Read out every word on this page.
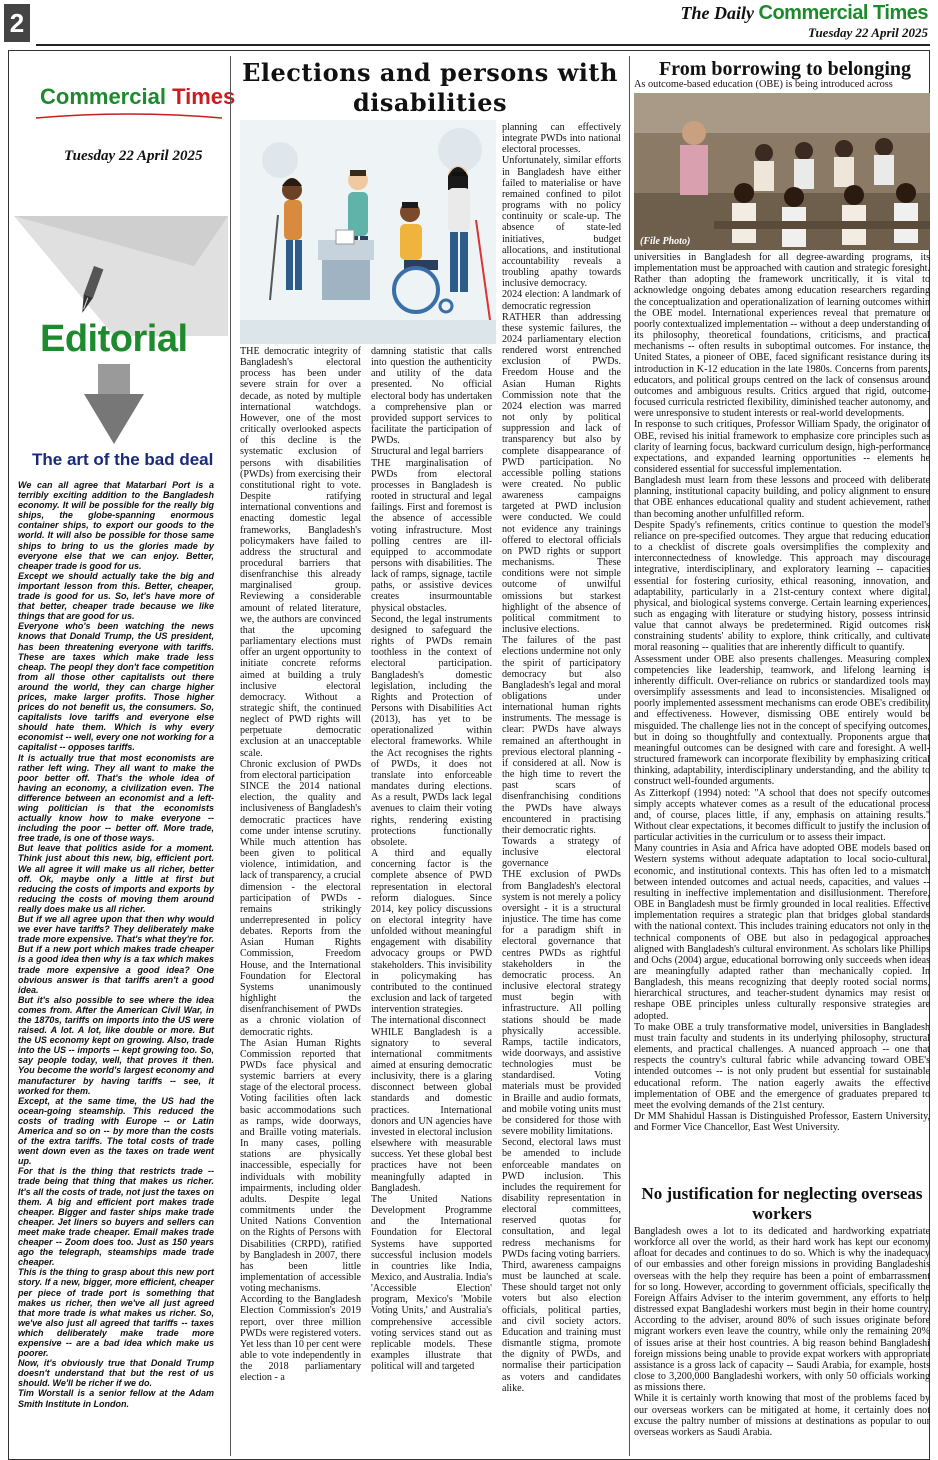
2	The Daily Commercial Times
Tuesday 22 April 2025
Commercial Times
Tuesday 22 April 2025
Editorial
The art of the bad deal

We can all agree that Matarbari Port is a terribly exciting addition to the Bangladesh economy. It will be possible for the really big ships, the globe-spanning enormous container ships, to export our goods to the world. It will also be possible for those same ships to bring to us the glories made by everyone else that we can enjoy. Better, cheaper trade is good for us.

Except we should actually take the big and important lesson from this. Better, cheaper, trade is good for us. So, let's have more of that better, cheaper trade because we like things that are good for us.

Everyone who's been watching the news knows that Donald Trump, the US president, has been threatening everyone with tariffs. These are taxes which make trade less cheap. The peopl they don't face competition from all those other capitalists out there around the world, they can charge higher prices, make larger profits. Those higher prices do not benefit us, the consumers. So, capitalists love tariffs and everyone else should hate them. Which is why every economist -- well, every one not working for a capitalist -- opposes tariffs.

It is actually true that most economists are rather left wing. They all want to make the poor better off. That's the whole idea of having an economy, a civilization even. The difference between an economist and a left-wing politician is that the economists actually know how to make everyone -- including the poor -- better off. More trade, free trade, is one of those ways.

But leave that politics aside for a moment. Think just about this new, big, efficient port. We all agree it will make us all richer, better off. Ok, maybe only a little at first but reducing the costs of imports and exports by reducing the costs of moving them around really does make us all richer.

But if we all agree upon that then why would we ever have tariffs? They deliberately make trade more expensive. That's what they're for. But if a new port which makes trade cheaper is a good idea then why is a tax which makes trade more expensive a good idea? One obvious answer is that tariffs aren't a good idea.

But it's also possible to see where the idea comes from. After the American Civil War, in the 1870s, tariffs on imports into the US were raised. A lot. A lot, like double or more. But the US economy kept on growing. Also, trade into the US -- imports -- kept growing too. So, say people today, well, that proves it then. You become the world's largest economy and manufacturer by having tariffs -- see, it worked for them.

Except, at the same time, the US had the ocean-going steamship. This reduced the costs of trading with Europe -- or Latin America and so on -- by more than the costs of the extra tariffs. The total costs of trade went down even as the taxes on trade went up.

For that is the thing that restricts trade -- trade being that thing that makes us richer. It's all the costs of trade, not just the taxes on them. A big and efficient port makes trade cheaper. Bigger and faster ships make trade cheaper. Jet liners so buyers and sellers can meet make trade cheaper. Email makes trade cheaper -- Zoom does too. Just as 150 years ago the telegraph, steamships made trade cheaper.

This is the thing to grasp about this new port story. If a new, bigger, more efficient, cheaper per piece of trade port is something that makes us richer, then we've all just agreed that more trade is what makes us richer. So, we've also just all agreed that tariffs -- taxes which deliberately make trade more expensive -- are a bad idea which make us poorer.

Now, it's obviously true that Donald Trump doesn't understand that but the rest of us should. We'll be richer if we do.

Tim Worstall is a senior fellow at the Adam Smith Institute in London.

Elections and persons with disabilities

THE democratic integrity of Bangladesh's electoral process has been under severe strain for over a decade, as noted by multiple international watchdogs. However, one of the most critically overlooked aspects of this decline is the systematic exclusion of persons with disabilities (PWDs) from exercising their constitutional right to vote. Despite ratifying international conventions and enacting domestic legal frameworks, Bangladesh's policymakers have failed to address the structural and procedural barriers that disenfranchise this already marginalised group. Reviewing a considerable amount of related literature, we, the authors are convinced that the upcoming parliamentary elections must offer an urgent opportunity to initiate concrete reforms aimed at building a truly inclusive electoral democracy. Without a strategic shift, the continued neglect of PWD rights will perpetuate democratic exclusion at an unacceptable scale.

Chronic exclusion of PWDs from electoral participation

SINCE the 2014 national election, the quality and inclusiveness of Bangladesh's democratic practices have come under intense scrutiny. While much attention has been given to political violence, intimidation, and lack of transparency, a crucial dimension - the electoral participation of PWDs - remains strikingly underrepresented in policy debates. Reports from the Asian Human Rights Commission, Freedom House, and the International Foundation for Electoral Systems unanimously highlight the disenfranchisement of PWDs as a chronic violation of democratic rights.

The Asian Human Rights Commission reported that PWDs face physical and systemic barriers at every stage of the electoral process. Voting facilities often lack basic accommodations such as ramps, wide doorways, and Braille voting materials. In many cases, polling stations are physically inaccessible, especially for individuals with mobility impairments, including older adults. Despite legal commitments under the United Nations Convention on the Rights of Persons with Disabilities (CRPD), ratified by Bangladesh in 2007, there has been little implementation of accessible voting mechanisms.

According to the Bangladesh Election Commission's 2019 report, over three million PWDs were registered voters. Yet less than 10 per cent were able to vote independently in the 2018 parliamentary election - a

damning statistic that calls into question the authenticity and utility of the data presented. No official electoral body has undertaken a comprehensive plan or provided support services to facilitate the participation of PWDs.

Structural and legal barriers

THE marginalisation of PWDs from electoral processes in Bangladesh is rooted in structural and legal failings. First and foremost is the absence of accessible voting infrastructure. Most polling centres are ill-equipped to accommodate persons with disabilities. The lack of ramps, signage, tactile paths, or assistive devices creates insurmountable physical obstacles.

Second, the legal instruments designed to safeguard the rights of PWDs remain toothless in the context of electoral participation. Bangladesh's domestic legislation, including the Rights and Protection of Persons with Disabilities Act (2013), has yet to be operationalized within electoral frameworks. While the Act recognises the rights of PWDs, it does not translate into enforceable mandates during elections. As a result, PWDs lack legal avenues to claim their voting rights, rendering existing protections functionally obsolete.

A third and equally concerning factor is the complete absence of PWD representation in electoral reform dialogues. Since 2014, key policy discussions on electoral integrity have unfolded without meaningful engagement with disability advocacy groups or PWD stakeholders. This invisibility in policymaking has contributed to the continued exclusion and lack of targeted intervention strategies.

The international disconnect

WHILE Bangladesh is a signatory to several international commitments aimed at ensuring democratic inclusivity, there is a glaring disconnect between global standards and domestic practices. International donors and UN agencies have invested in electoral inclusion elsewhere with measurable success. Yet these global best practices have not been meaningfully adapted in Bangladesh.

The United Nations Development Programme and the International Foundation for Electoral Systems have supported successful inclusion models in countries like India, Mexico, and Australia. India's 'Accessible Election' program, Mexico's 'Mobile Voting Units,' and Australia's comprehensive accessible voting services stand out as replicable models. These examples illustrate that political will and targeted

planning can effectively integrate PWDs into national electoral processes.

Unfortunately, similar efforts in Bangladesh have either failed to materialise or have remained confined to pilot programs with no policy continuity or scale-up. The absence of state-led initiatives, budget allocations, and institutional accountability reveals a troubling apathy towards inclusive democracy.

2024 election: A landmark of democratic regression

RATHER than addressing these systemic failures, the 2024 parliamentary election rendered worst entrenched exclusion of PWDs. Freedom House and the Asian Human Rights Commission note that the 2024 election was marred not only by political suppression and lack of transparency but also by complete disappearance of PWD participation. No accessible polling stations were created. No public awareness campaigns targeted at PWD inclusion were conducted. We could not evidence any trainings offered to electoral officials on PWD rights or support mechanisms. These conditions were not simple outcome of unwilful omissions but starkest highlight of the absence of political commitment to inclusive elections.

The failures of the past elections undermine not only the spirit of participatory democracy but also Bangladesh's legal and moral obligations under international human rights instruments. The message is clear: PWDs have always remained an afterthought in previous electoral planning - if considered at all. Now is the high time to revert the past scars of disenfranchising conditions the PWDs have always encountered in practising their democratic rights.

Towards a strategy of inclusive electoral governance

THE exclusion of PWDs from Bangladesh's electoral system is not merely a policy oversight - it is a structural injustice. The time has come for a paradigm shift in electoral governance that centres PWDs as rightful stakeholders in the democratic process. An inclusive electoral strategy must begin with infrastructure. All polling stations should be made physically accessible. Ramps, tactile indicators, wide doorways, and assistive technologies must be standardised. Voting materials must be provided in Braille and audio formats, and mobile voting units must be considered for those with severe mobility limitations.

Second, electoral laws must be amended to include enforceable mandates on PWD inclusion. This includes the requirement for disability representation in electoral committees, reserved quotas for consultation, and legal redress mechanisms for PWDs facing voting barriers.

Third, awareness campaigns must be launched at scale. These should target not only voters but also election officials, political parties, and civil society actors. Education and training must dismantle stigma, promote the dignity of PWDs, and normalise their participation as voters and candidates alike.

From borrowing to belonging
As outcome-based education (OBE) is being introduced across
(File Photo)

universities in Bangladesh for all degree-awarding programs, its implementation must be approached with caution and strategic foresight. Rather than adopting the framework uncritically, it is vital to acknowledge ongoing debates among education researchers regarding the conceptualization and operationalization of learning outcomes within the OBE model. International experiences reveal that premature or poorly contextualized implementation -- without a deep understanding of its philosophy, theoretical foundations, criticisms, and practical mechanisms -- often results in suboptimal outcomes. For instance, the United States, a pioneer of OBE, faced significant resistance during its introduction in K-12 education in the late 1980s. Concerns from parents, educators, and political groups centred on the lack of consensus around outcomes and ambiguous results. Critics argued that rigid, outcome-focused curricula restricted flexibility, diminished teacher autonomy, and were unresponsive to student interests or real-world developments.

In response to such critiques, Professor William Spady, the originator of OBE, revised his initial framework to emphasize core principles such as clarity of learning focus, backward curriculum design, high-performance expectations, and expanded learning opportunities -- elements he considered essential for successful implementation.

Bangladesh must learn from these lessons and proceed with deliberate planning, institutional capacity building, and policy alignment to ensure that OBE enhances educational quality and student achievement, rather than becoming another unfulfilled reform.

Despite Spady's refinements, critics continue to question the model's reliance on pre-specified outcomes. They argue that reducing education to a checklist of discrete goals oversimplifies the complexity and interconnectedness of knowledge. This approach may discourage integrative, interdisciplinary, and exploratory learning -- capacities essential for fostering curiosity, ethical reasoning, innovation, and adaptability, particularly in a 21st-century context where digital, physical, and biological systems converge. Certain learning experiences, such as engaging with literature or studying history, possess intrinsic value that cannot always be predetermined. Rigid outcomes risk constraining students' ability to explore, think critically, and cultivate moral reasoning -- qualities that are inherently difficult to quantify.

Assessment under OBE also presents challenges. Measuring complex competencies like leadership, teamwork, and lifelong learning is inherently difficult. Over-reliance on rubrics or standardized tools may oversimplify assessments and lead to inconsistencies. Misaligned or poorly implemented assessment mechanisms can erode OBE's credibility and effectiveness. However, dismissing OBE entirely would be misguided. The challenge lies not in the concept of specifying outcomes, but in doing so thoughtfully and contextually. Proponents argue that meaningful outcomes can be designed with care and foresight. A well-structured framework can incorporate flexibility by emphasizing critical thinking, adaptability, interdisciplinary understanding, and the ability to construct well-founded arguments.

As Zitterkopf (1994) noted: "A school that does not specify outcomes simply accepts whatever comes as a result of the educational process and, of course, places little, if any, emphasis on attaining results." Without clear expectations, it becomes difficult to justify the inclusion of particular activities in the curriculum or to assess their impact.

Many countries in Asia and Africa have adopted OBE models based on Western systems without adequate adaptation to local socio-cultural, economic, and institutional contexts. This has often led to a mismatch between intended outcomes and actual needs, capacities, and values -- resulting in ineffective implementation and disillusionment. Therefore, OBE in Bangladesh must be firmly grounded in local realities. Effective implementation requires a strategic plan that bridges global standards with the national context. This includes training educators not only in the technical components of OBE but also in pedagogical approaches aligned with Bangladesh's cultural environment. As scholars like Phillips and Ochs (2004) argue, educational borrowing only succeeds when ideas are meaningfully adapted rather than mechanically copied. In Bangladesh, this means recognizing that deeply rooted social norms, hierarchical structures, and teacher-student dynamics may resist or reshape OBE principles unless culturally responsive strategies are adopted.

To make OBE a truly transformative model, universities in Bangladesh must train faculty and students in its underlying philosophy, structural elements, and practical challenges. A nuanced approach -- one that respects the country's cultural fabric while advancing toward OBE's intended outcomes -- is not only prudent but essential for sustainable educational reform. The nation eagerly awaits the effective implementation of OBE and the emergence of graduates prepared to meet the evolving demands of the 21st century.

Dr MM Shahidul Hassan is Distinguished Professor, Eastern University, and Former Vice Chancellor, East West University.

No justification for neglecting overseas workers

Bangladesh owes a lot to its dedicated and hardworking expatriate workforce all over the world, as their hard work has kept our economy afloat for decades and continues to do so. Which is why the inadequacy of our embassies and other foreign missions in providing Bangladeshis overseas with the help they require has been a point of embarrassment for so long. However, according to government officials, specifically the Foreign Affairs Adviser to the interim government, any efforts to help distressed expat Bangladeshi workers must begin in their home country. According to the adviser, around 80% of such issues originate before migrant workers even leave the country, while only the remaining 20% of issues arise at their host countries. A big reason behind Bangladeshi foreign missions being unable to provide expat workers with appropriate assistance is a gross lack of capacity -- Saudi Arabia, for example, hosts close to 3,200,000 Bangladeshi workers, with only 50 officials working as missions there.

While it is certainly worth knowing that most of the problems faced by our overseas workers can be mitigated at home, it certainly does not excuse the paltry number of missions at destinations as popular to our overseas workers as Saudi Arabia.
